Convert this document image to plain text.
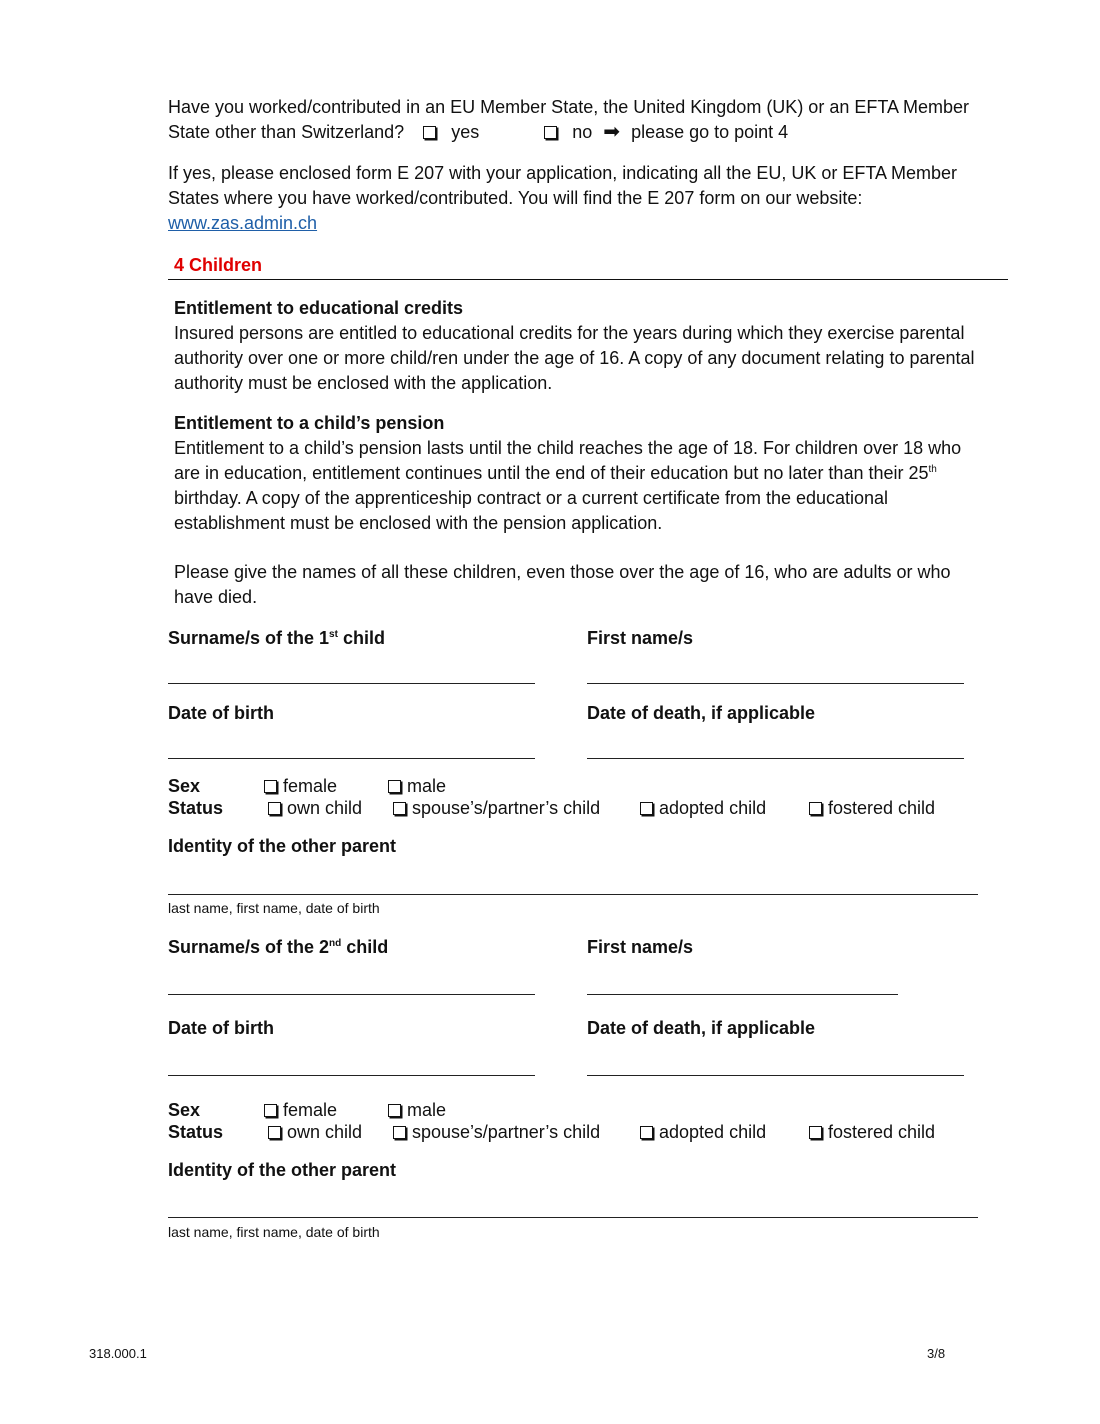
Have you worked/contributed in an EU Member State, the United Kingdom (UK) or an EFTA Member
State other than Switzerland?	yes	no ➡ please go to point 4
If yes, please enclosed form E 207 with your application, indicating all the EU, UK or EFTA Member
States where you have worked/contributed. You will find the E 207 form on our website:
www.zas.admin.ch
4 Children
Entitlement to educational credits
Insured persons are entitled to educational credits for the years during which they exercise parental
authority over one or more child/ren under the age of 16. A copy of any document relating to parental
authority must be enclosed with the application.
Entitlement to a child’s pension
Entitlement to a child’s pension lasts until the child reaches the age of 18. For children over 18 who
are in education, entitlement continues until the end of their education but no later than their 25th
birthday. A copy of the apprenticeship contract or a current certificate from the educational
establishment must be enclosed with the pension application.
Please give the names of all these children, even those over the age of 16, who are adults or who
have died.
Surname/s of the 1st child	First name/s
Date of birth	Date of death, if applicable
Sex	female	male
Status	own child	spouse’s/partner’s child	adopted child	fostered child
Identity of the other parent
last name, first name, date of birth
Surname/s of the 2nd child	First name/s
Date of birth	Date of death, if applicable
Sex	female	male
Status	own child	spouse’s/partner’s child	adopted child	fostered child
Identity of the other parent
last name, first name, date of birth
318.000.1	3/8
